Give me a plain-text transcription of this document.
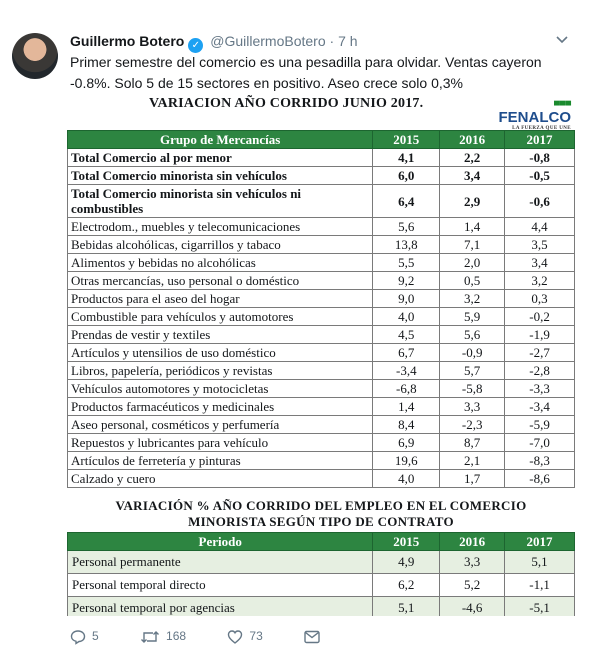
Guillermo Botero ✓ @GuillermoBotero · 7 h
Primer semestre del comercio es una pesadilla para olvidar. Ventas cayeron -0.8%. Solo 5 de 15 sectores en positivo. Aseo crece solo 0,3%
VARIACION AÑO CORRIDO JUNIO 2017.	▀▀▀
FENALCO
LA FUERZA QUE UNE
Grupo de Mercancías	2015	2016	2017
Total Comercio al por menor	4,1	2,2	-0,8
Total Comercio minorista sin vehículos	6,0	3,4	-0,5
Total Comercio minorista sin vehículos ni combustibles	6,4	2,9	-0,6
Electrodom., muebles y telecomunicaciones	5,6	1,4	4,4
Bebidas alcohólicas, cigarrillos y tabaco	13,8	7,1	3,5
Alimentos y bebidas no alcohólicas	5,5	2,0	3,4
Otras mercancías, uso personal o doméstico	9,2	0,5	3,2
Productos para el aseo del hogar	9,0	3,2	0,3
Combustible para vehículos y automotores	4,0	5,9	-0,2
Prendas de vestir y textiles	4,5	5,6	-1,9
Artículos y utensilios de uso doméstico	6,7	-0,9	-2,7
Libros, papelería, periódicos y revistas	-3,4	5,7	-2,8
Vehículos automotores y motocicletas	-6,8	-5,8	-3,3
Productos farmacéuticos y medicinales	1,4	3,3	-3,4
Aseo personal, cosméticos y perfumería	8,4	-2,3	-5,9
Repuestos y lubricantes para vehículo	6,9	8,7	-7,0
Artículos de ferretería y pinturas	19,6	2,1	-8,3
Calzado y cuero	4,0	1,7	-8,6
VARIACIÓN % AÑO CORRIDO DEL EMPLEO EN EL COMERCIO
MINORISTA SEGÚN TIPO DE CONTRATO
Periodo	2015	2016	2017
Personal permanente	4,9	3,3	5,1
Personal temporal directo	6,2	5,2	-1,1
Personal temporal por agencias	5,1	-4,6	-5,1
5	168	73
